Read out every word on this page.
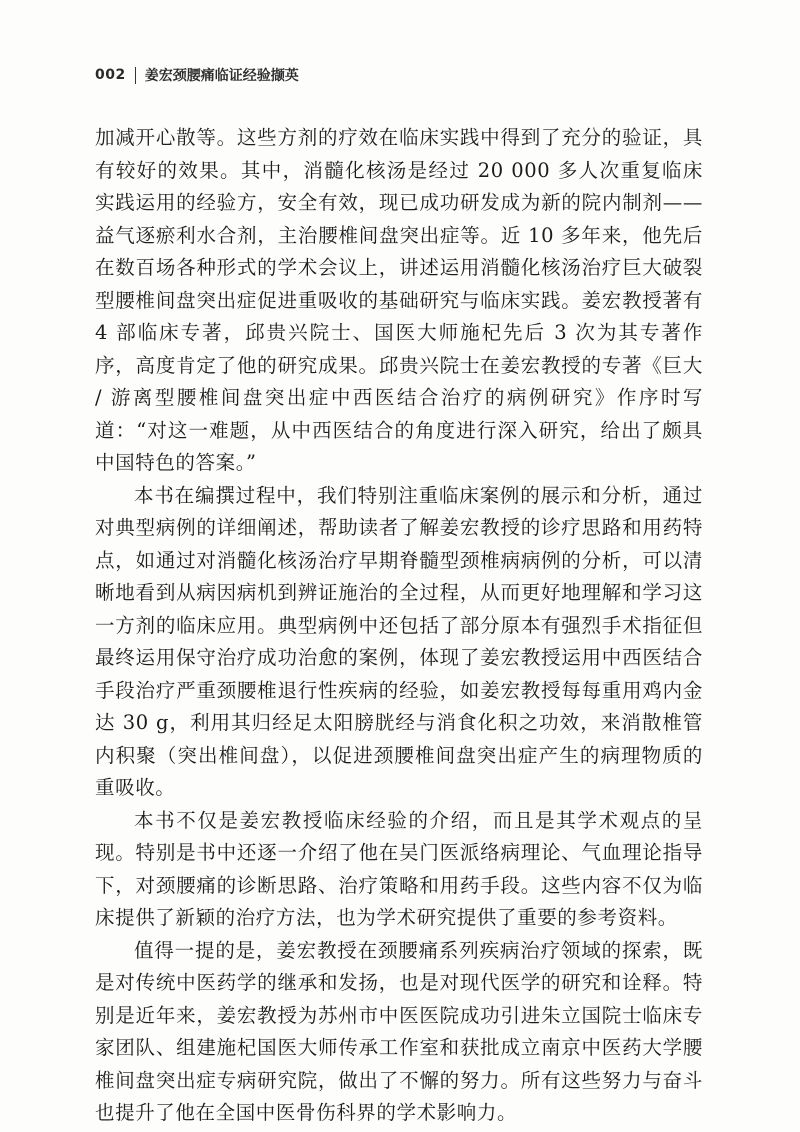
002 姜宏颈腰痛临证经验撷英

加减开心散等。这些方剂的疗效在临床实践中得到了充分的验证，具有较好的效果。其中，消髓化核汤是经过 20 000 多人次重复临床实践运用的经验方，安全有效，现已成功研发成为新的院内制剂——益气逐瘀利水合剂，主治腰椎间盘突出症等。近 10 多年来，他先后在数百场各种形式的学术会议上，讲述运用消髓化核汤治疗巨大破裂型腰椎间盘突出症促进重吸收的基础研究与临床实践。姜宏教授著有 4 部临床专著，邱贵兴院士、国医大师施杞先后 3 次为其专著作序，高度肯定了他的研究成果。邱贵兴院士在姜宏教授的专著《巨大 / 游离型腰椎间盘突出症中西医结合治疗的病例研究》作序时写道：“对这一难题，从中西医结合的角度进行深入研究，给出了颇具中国特色的答案。”

本书在编撰过程中，我们特别注重临床案例的展示和分析，通过对典型病例的详细阐述，帮助读者了解姜宏教授的诊疗思路和用药特点，如通过对消髓化核汤治疗早期脊髓型颈椎病病例的分析，可以清晰地看到从病因病机到辨证施治的全过程，从而更好地理解和学习这一方剂的临床应用。典型病例中还包括了部分原本有强烈手术指征但最终运用保守治疗成功治愈的案例，体现了姜宏教授运用中西医结合手段治疗严重颈腰椎退行性疾病的经验，如姜宏教授每每重用鸡内金达 30 g，利用其归经足太阳膀胱经与消食化积之功效，来消散椎管内积聚（突出椎间盘），以促进颈腰椎间盘突出症产生的病理物质的重吸收。

本书不仅是姜宏教授临床经验的介绍，而且是其学术观点的呈现。特别是书中还逐一介绍了他在吴门医派络病理论、气血理论指导下，对颈腰痛的诊断思路、治疗策略和用药手段。这些内容不仅为临床提供了新颖的治疗方法，也为学术研究提供了重要的参考资料。

值得一提的是，姜宏教授在颈腰痛系列疾病治疗领域的探索，既是对传统中医药学的继承和发扬，也是对现代医学的研究和诠释。特别是近年来，姜宏教授为苏州市中医医院成功引进朱立国院士临床专家团队、组建施杞国医大师传承工作室和获批成立南京中医药大学腰椎间盘突出症专病研究院，做出了不懈的努力。所有这些努力与奋斗也提升了他在全国中医骨伤科界的学术影响力。
